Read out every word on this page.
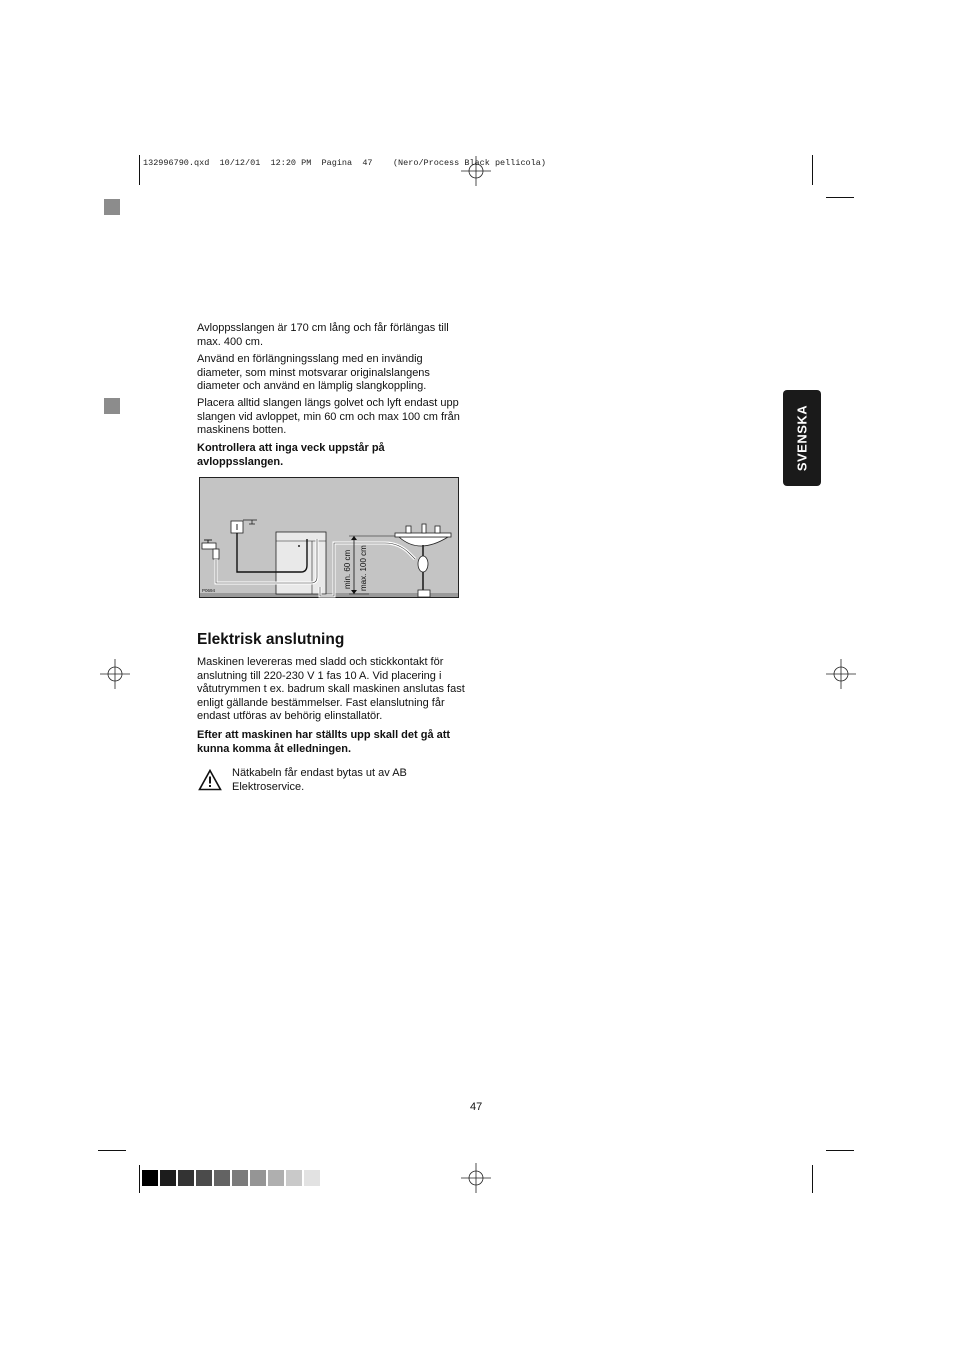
132996790.qxd  10/12/01  12:20 PM  Pagina  47    (Nero/Process Black pellicola)
SVENSKA
Avloppsslangen är 170 cm lång och får förlängas till max. 400 cm.
Använd en förlängningsslang med en invändig diameter, som minst motsvarar originalslangens diameter och använd en lämplig slangkoppling.
Placera alltid slangen längs golvet och lyft endast upp slangen vid avloppet, min 60 cm och max 100 cm från maskinens botten.
Kontrollera att inga veck uppstår på avloppsslangen.
min. 60 cm max. 100 cm
P0694
Elektrisk anslutning
Maskinen levereras med sladd och stickkontakt för anslutning till 220-230 V 1 fas 10 A. Vid placering i våtutrymmen t ex. badrum skall maskinen anslutas fast enligt gällande bestämmelser. Fast elanslutning får endast utföras av behörig elinstallatör.
Efter att maskinen har ställts upp skall det gå att kunna komma åt elledningen.
Nätkabeln får endast bytas ut av AB Elektroservice.
47
